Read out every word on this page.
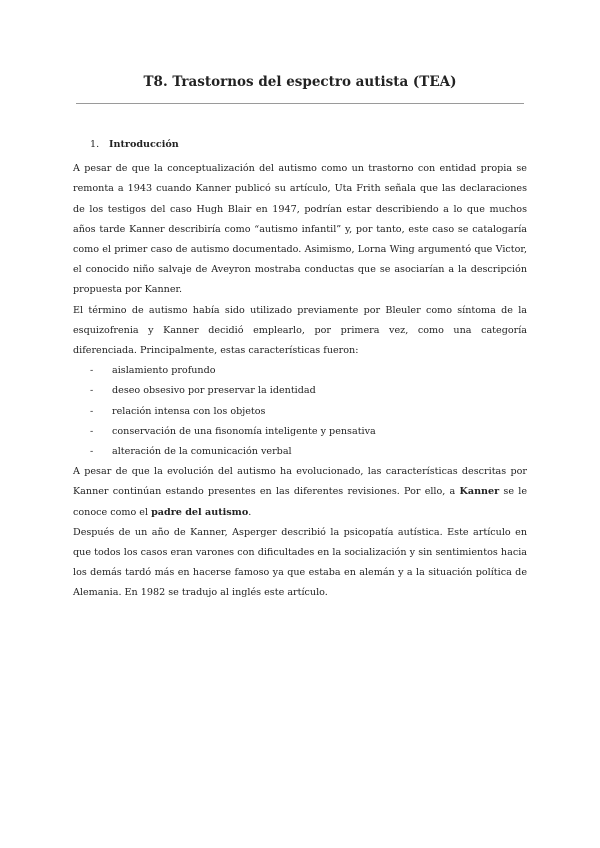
T8. Trastornos del espectro autista (TEA)
1. Introducción

A pesar de que la conceptualización del autismo como un trastorno con entidad propia se remonta a 1943 cuando Kanner publicó su artículo, Uta Frith señala que las declaraciones de los testigos del caso Hugh Blair en 1947, podrían estar describiendo a lo que muchos años tarde Kanner describiría como “autismo infantil” y, por tanto, este caso se catalogaría como el primer caso de autismo documentado. Asimismo, Lorna Wing argumentó que Victor, el conocido niño salvaje de Aveyron mostraba conductas que se asociarían a la descripción propuesta por Kanner.

El término de autismo había sido utilizado previamente por Bleuler como síntoma de la esquizofrenia y Kanner decidió emplearlo, por primera vez, como una categoría diferenciada. Principalmente, estas características fueron:

- aislamiento profundo
- deseo obsesivo por preservar la identidad
- relación intensa con los objetos
- conservación de una fisonomía inteligente y pensativa
- alteración de la comunicación verbal

A pesar de que la evolución del autismo ha evolucionado, las características descritas por Kanner continúan estando presentes en las diferentes revisiones. Por ello, a Kanner se le conoce como el padre del autismo.

Después de un año de Kanner, Asperger describió la psicopatía autística. Este artículo en que todos los casos eran varones con dificultades en la socialización y sin sentimientos hacia los demás tardó más en hacerse famoso ya que estaba en alemán y a la situación política de Alemania. En 1982 se tradujo al inglés este artículo.
